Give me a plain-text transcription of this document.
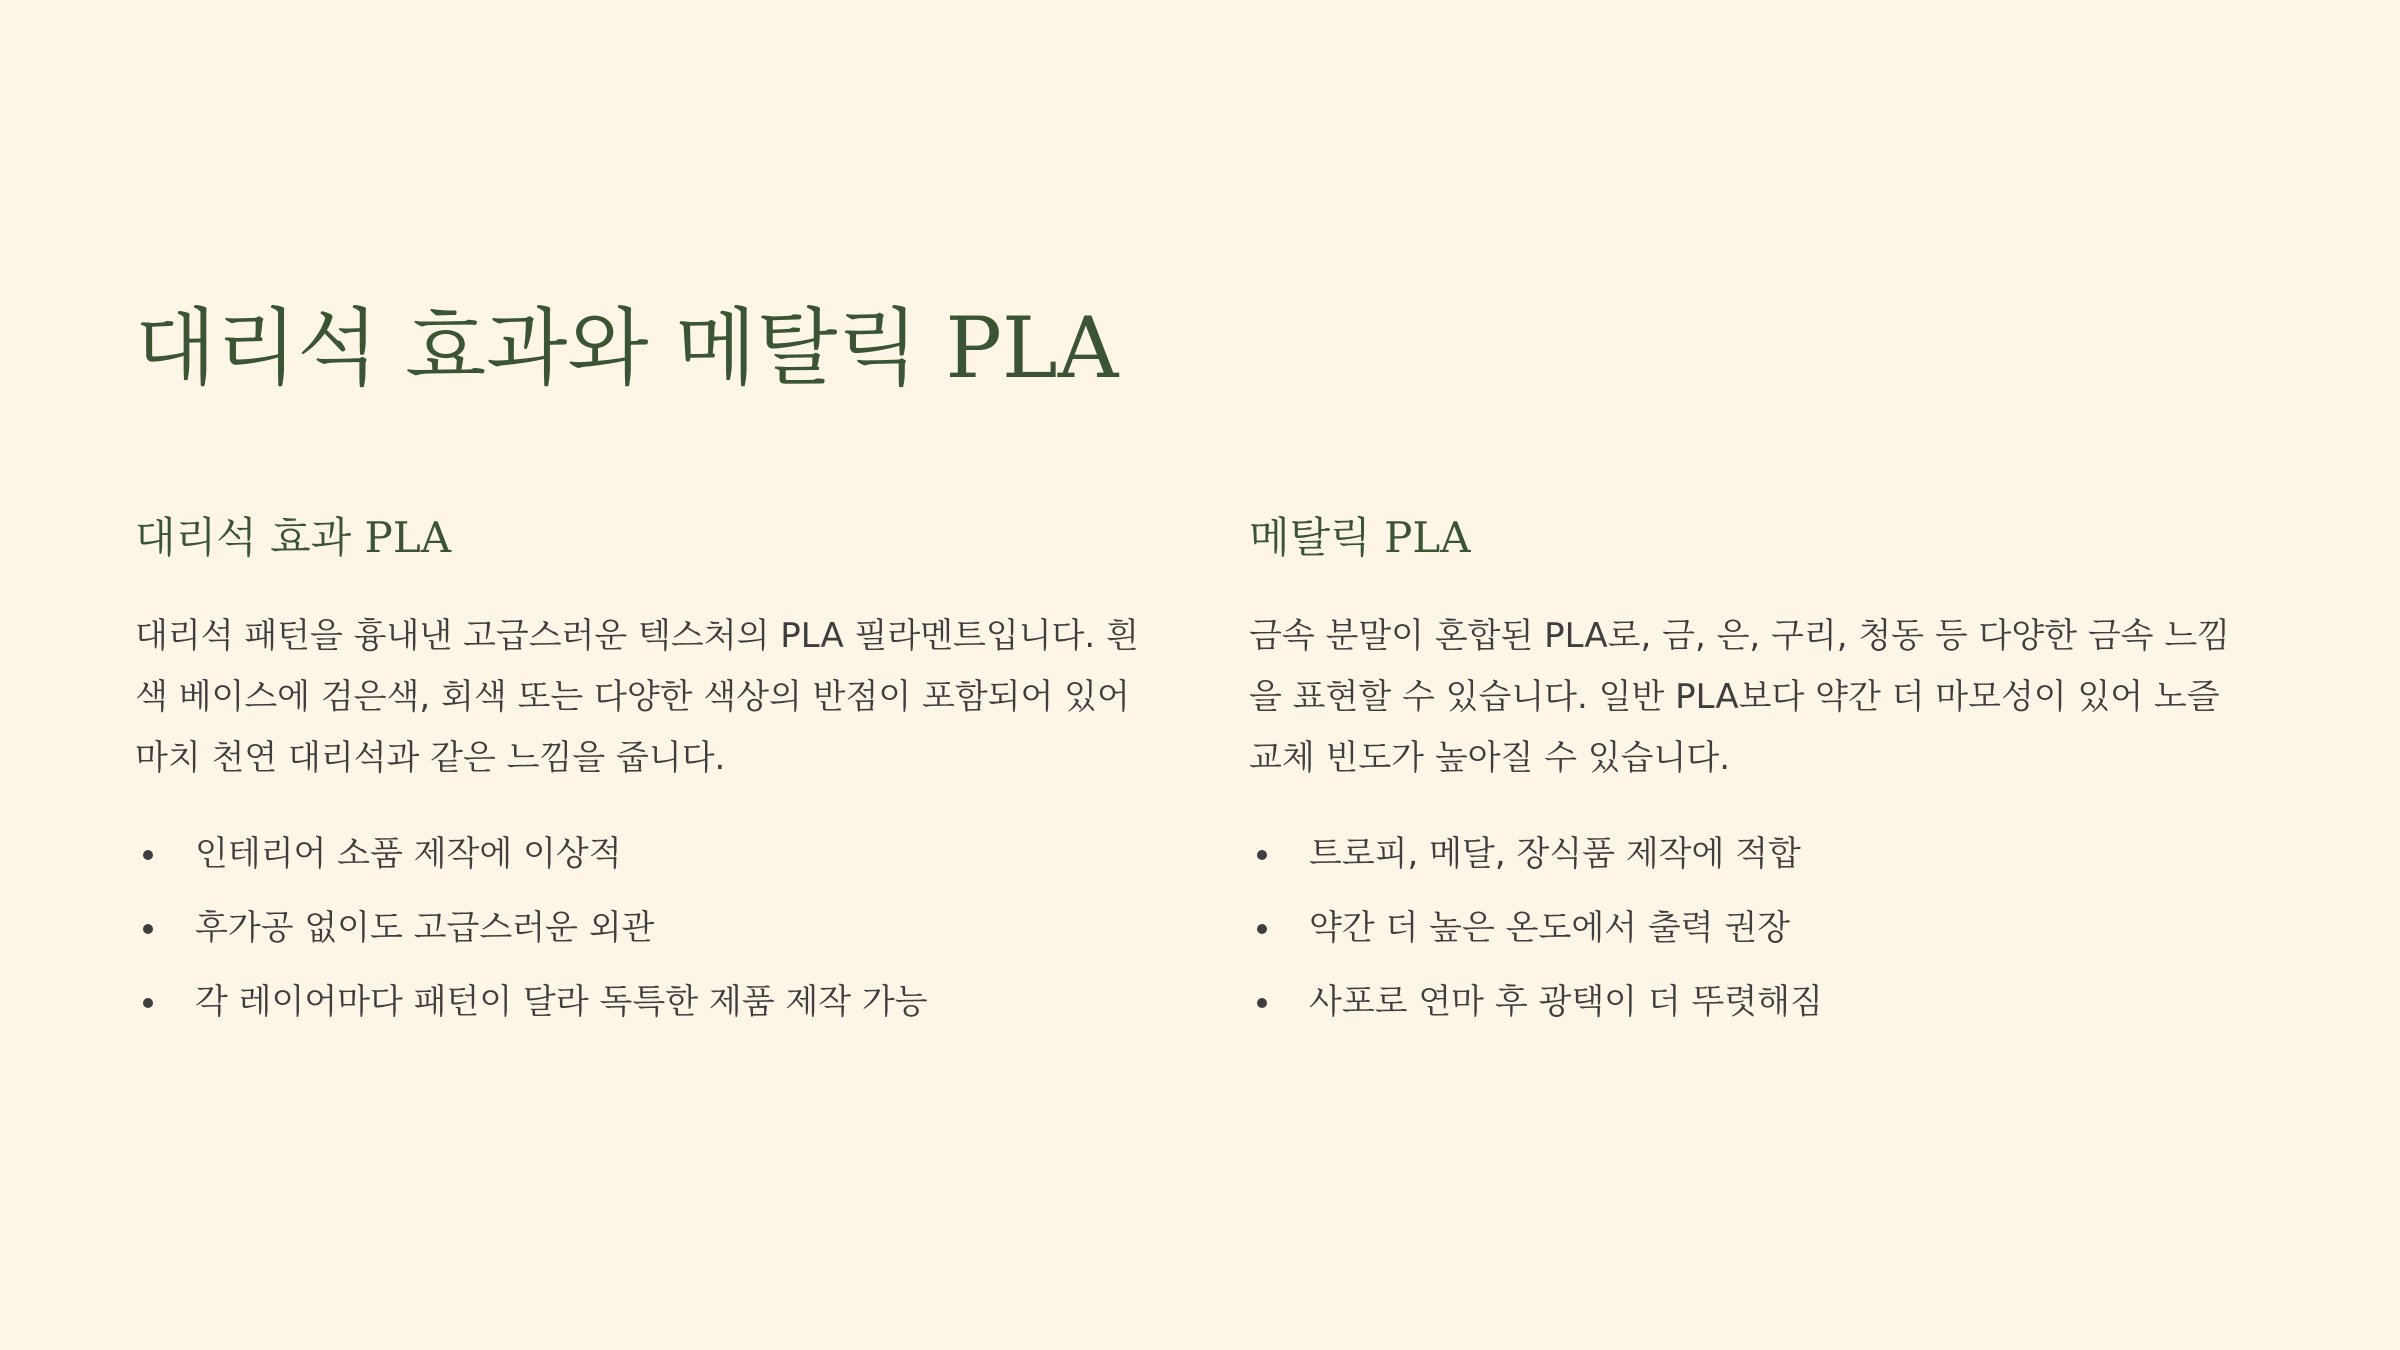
대리석 효과와 메탈릭 PLA
대리석 효과 PLA

대리석 패턴을 흉내낸 고급스러운 텍스처의 PLA 필라멘트입니다. 흰색 베이스에 검은색, 회색 또는 다양한 색상의 반점이 포함되어 있어 마치 천연 대리석과 같은 느낌을 줍니다.

인테리어 소품 제작에 이상적
후가공 없이도 고급스러운 외관
각 레이어마다 패턴이 달라 독특한 제품 제작 가능
메탈릭 PLA

금속 분말이 혼합된 PLA로, 금, 은, 구리, 청동 등 다양한 금속 느낌을 표현할 수 있습니다. 일반 PLA보다 약간 더 마모성이 있어 노즐 교체 빈도가 높아질 수 있습니다.

트로피, 메달, 장식품 제작에 적합
약간 더 높은 온도에서 출력 권장
사포로 연마 후 광택이 더 뚜렷해짐
